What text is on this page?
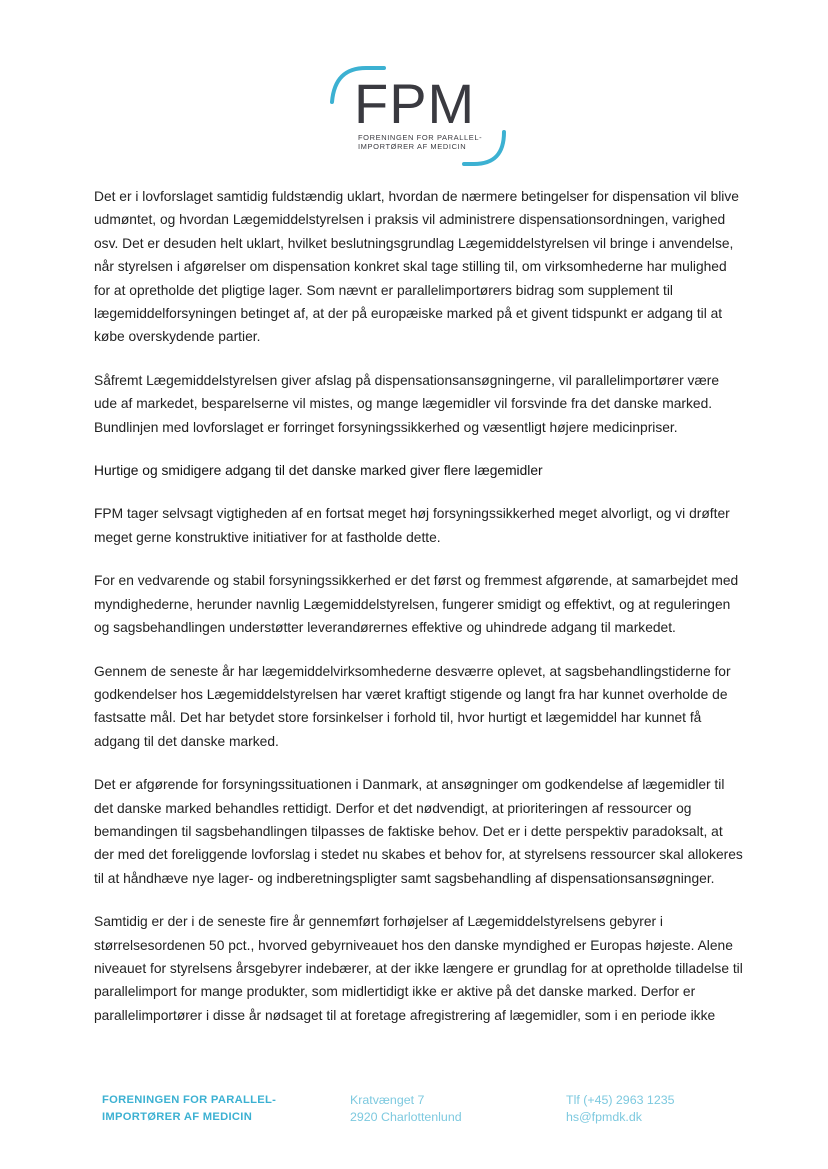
FPM
FORENINGEN FOR PARALLEL-
IMPORTØRER AF MEDICIN

Det er i lovforslaget samtidig fuldstændig uklart, hvordan de nærmere betingelser for dispensation vil blive udmøntet, og hvordan Lægemiddelstyrelsen i praksis vil administrere dispensationsordningen, varighed osv. Det er desuden helt uklart, hvilket beslutningsgrundlag Lægemiddelstyrelsen vil bringe i anvendelse, når styrelsen i afgørelser om dispensation konkret skal tage stilling til, om virksomhederne har mulighed for at opretholde det pligtige lager. Som nævnt er parallelimportørers bidrag som supplement til lægemiddelforsyningen betinget af, at der på europæiske marked på et givent tidspunkt er adgang til at købe overskydende partier.

Såfremt Lægemiddelstyrelsen giver afslag på dispensationsansøgningerne, vil parallelimportører være ude af markedet, besparelserne vil mistes, og mange lægemidler vil forsvinde fra det danske marked. Bundlinjen med lovforslaget er forringet forsyningssikkerhed og væsentligt højere medicinpriser.

Hurtige og smidigere adgang til det danske marked giver flere lægemidler

FPM tager selvsagt vigtigheden af en fortsat meget høj forsyningssikkerhed meget alvorligt, og vi drøfter meget gerne konstruktive initiativer for at fastholde dette.

For en vedvarende og stabil forsyningssikkerhed er det først og fremmest afgørende, at samarbejdet med myndighederne, herunder navnlig Lægemiddelstyrelsen, fungerer smidigt og effektivt, og at reguleringen og sagsbehandlingen understøtter leverandørernes effektive og uhindrede adgang til markedet.

Gennem de seneste år har lægemiddelvirksomhederne desværre oplevet, at sagsbehandlingstiderne for godkendelser hos Lægemiddelstyrelsen har været kraftigt stigende og langt fra har kunnet overholde de fastsatte mål. Det har betydet store forsinkelser i forhold til, hvor hurtigt et lægemiddel har kunnet få adgang til det danske marked.

Det er afgørende for forsyningssituationen i Danmark, at ansøgninger om godkendelse af lægemidler til det danske marked behandles rettidigt. Derfor et det nødvendigt, at prioriteringen af ressourcer og bemandingen til sagsbehandlingen tilpasses de faktiske behov. Det er i dette perspektiv paradoksalt, at der med det foreliggende lovforslag i stedet nu skabes et behov for, at styrelsens ressourcer skal allokeres til at håndhæve nye lager- og indberetningspligter samt sagsbehandling af dispensationsansøgninger.

Samtidig er der i de seneste fire år gennemført forhøjelser af Lægemiddelstyrelsens gebyrer i størrelsesordenen 50 pct., hvorved gebyrniveauet hos den danske myndighed er Europas højeste. Alene niveauet for styrelsens årsgebyrer indebærer, at der ikke længere er grundlag for at opretholde tilladelse til parallelimport for mange produkter, som midlertidigt ikke er aktive på det danske marked. Derfor er parallelimportører i disse år nødsaget til at foretage afregistrering af lægemidler, som i en periode ikke

FORENINGEN FOR PARALLEL-
IMPORTØRER AF MEDICIN
Kratvænget 7
2920 Charlottenlund
Tlf (+45) 2963 1235
hs@fpmdk.dk
